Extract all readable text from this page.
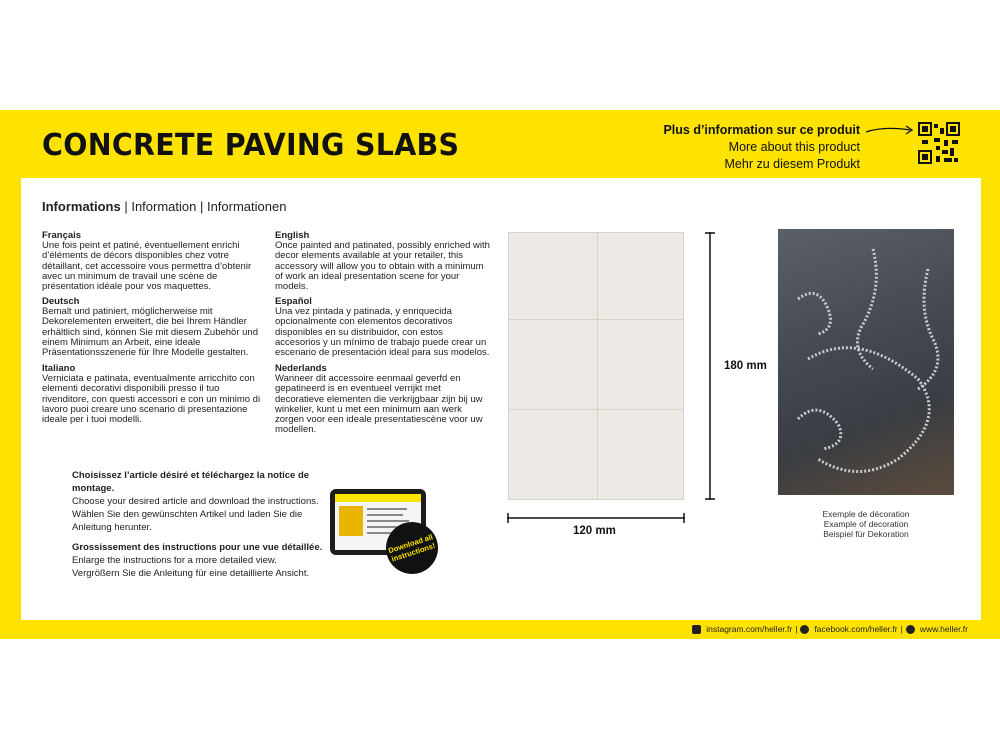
CONCRETE PAVING SLABS	Plus d’information sur ce produit
More about this product
Mehr zu diesem Produkt
Informations | Information | Informationen
Français
Une fois peint et patiné, éventuellement enrichi d’éléments de décors disponibles chez votre détaillant, cet accessoire vous permettra d’obtenir avec un minimum de travail une scène de présentation idéale pour vos maquettes.
English
Once painted and patinated, possibly enriched with decor elements available at your retailer, this accessory will allow you to obtain with a minimum of work an ideal presentation scene for your models.
Deutsch
Bemalt und patiniert, möglicherweise mit Dekorelementen erweitert, die bei Ihrem Händler erhältlich sind, können Sie mit diesem Zubehör und einem Minimum an Arbeit, eine ideale Präsentationsszenerie für Ihre Modelle gestalten.
Español
Una vez pintada y patinada, y enriquecida opcionalmente con elementos decorativos disponibles en su distribuidor, con estos accesorios y un mínimo de trabajo puede crear un escenario de presentación ideal para sus modelos.
Italiano
Verniciata e patinata, eventualmente arricchito con elementi decorativi disponibili presso il tuo rivenditore, con questi accessori e con un minimo di lavoro puoi creare uno scenario di presentazione ideale per i tuoi modelli.
Nederlands
Wanneer dit accessoire eenmaal geverfd en gepatineerd is en eventueel verrijkt met decoratieve elementen die verkrijgbaar zijn bij uw winkelier, kunt u met een minimum aan werk zorgen voor een ideale presentatiescène voor uw modellen.

Choisissez l’article désiré et téléchargez la notice de montage.

Choose your desired article and download the instructions.

Wählen Sie den gewünschten Artikel und laden Sie die Anleitung herunter.

Grossissement des instructions pour une vue détaillée.

Enlarge the instructions for a more detailed view.

Vergrößern Sie die Anleitung für eine detaillierte Ansicht.

Download all instructions!
180 mm
120 mm
Exemple de décoration
Example of decoration
Beispiel für Dekoration
instagram.com/heller.fr | facebook.com/heller.fr | www.heller.fr
